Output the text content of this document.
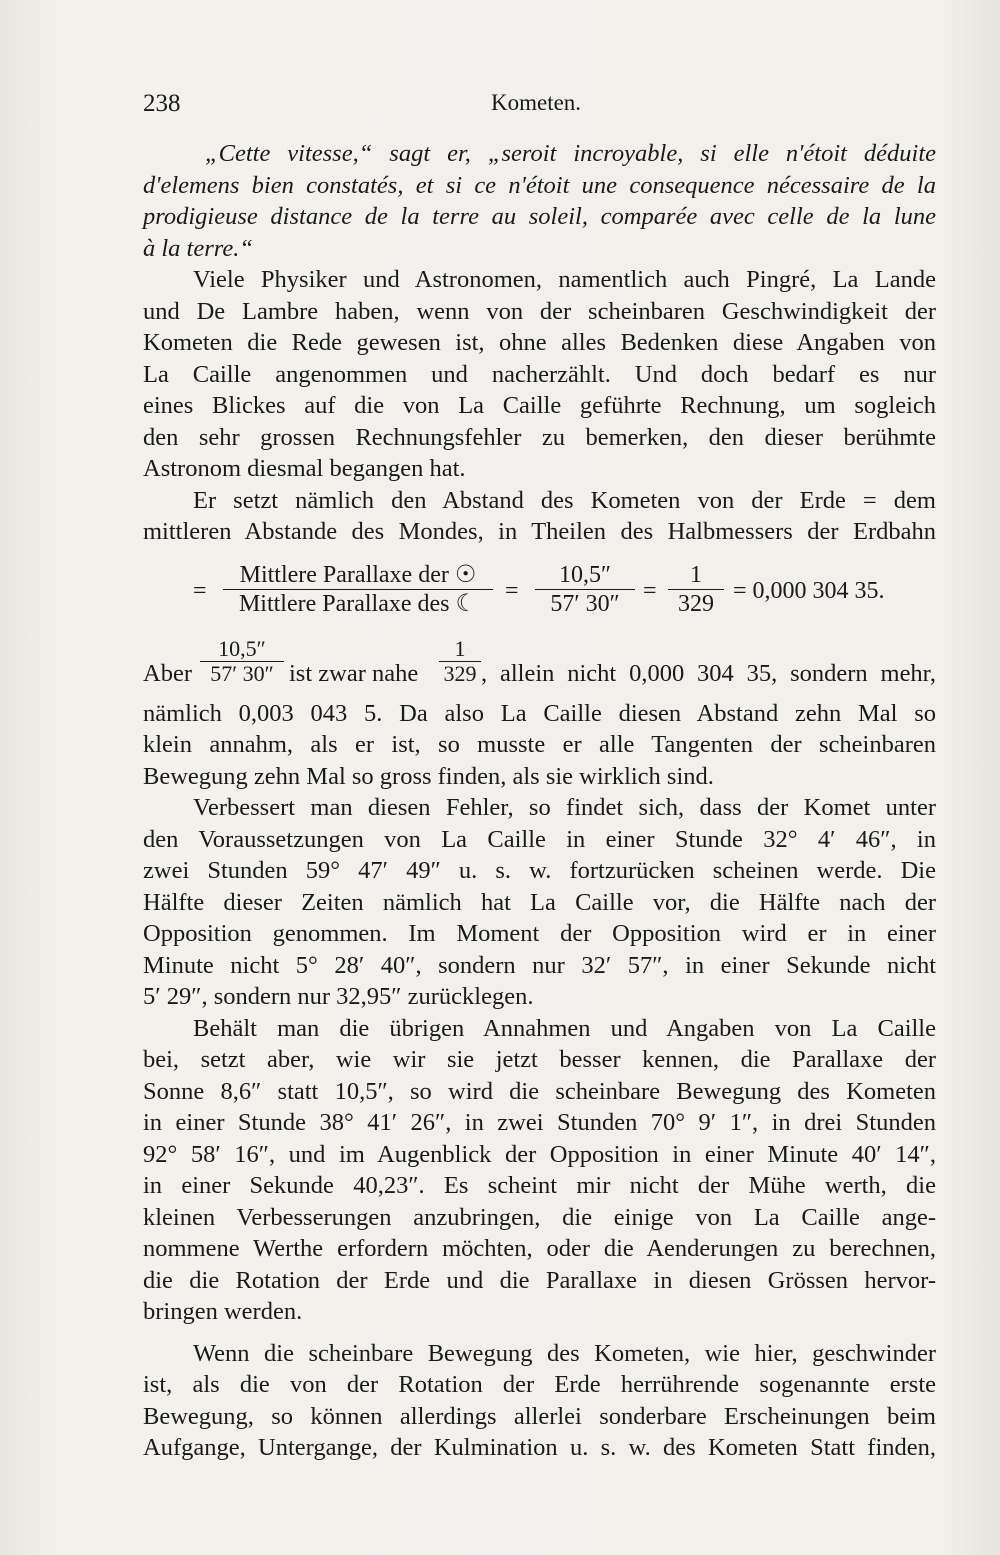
238	Kometen.

„Cette vitesse,“ sagt er, „seroit incroyable, si elle n'étoit déduite
d'elemens bien constatés, et si ce n'étoit une consequence nécessaire de la
prodigieuse distance de la terre au soleil, comparée avec celle de la lune
à la terre.“

Viele Physiker und Astronomen, namentlich auch Pingré, La Lande
und De Lambre haben, wenn von der scheinbaren Geschwindigkeit der
Kometen die Rede gewesen ist, ohne alles Bedenken diese Angaben von
La Caille angenommen und nacherzählt. Und doch bedarf es nur
eines Blickes auf die von La Caille geführte Rechnung, um sogleich
den sehr grossen Rechnungsfehler zu bemerken, den dieser berühmte
Astronom diesmal begangen hat.

Er setzt nämlich den Abstand des Kometen von der Erde = dem
mittleren Abstande des Mondes, in Theilen des Halbmessers der Erdbahn

=
Mittlere Parallaxe der ☉
Mittlere Parallaxe des ☾	=
10,5″
57′ 30″ =
1
329 = 0,000 304 35.
Aber
10,5″
57′ 30″ ist zwar nahe
1
329 , allein nicht 0,000 304 35, sondern mehr,

nämlich 0,003 043 5. Da also La Caille diesen Abstand zehn Mal so
klein annahm, als er ist, so musste er alle Tangenten der scheinbaren
Bewegung zehn Mal so gross finden, als sie wirklich sind.

Verbessert man diesen Fehler, so findet sich, dass der Komet unter
den Voraussetzungen von La Caille in einer Stunde 32° 4′ 46″, in
zwei Stunden 59° 47′ 49″ u. s. w. fortzurücken scheinen werde. Die
Hälfte dieser Zeiten nämlich hat La Caille vor, die Hälfte nach der
Opposition genommen. Im Moment der Opposition wird er in einer
Minute nicht 5° 28′ 40″, sondern nur 32′ 57″, in einer Sekunde nicht
5′ 29″, sondern nur 32,95″ zurücklegen.

Behält man die übrigen Annahmen und Angaben von La Caille
bei, setzt aber, wie wir sie jetzt besser kennen, die Parallaxe der
Sonne 8,6″ statt 10,5″, so wird die scheinbare Bewegung des Kometen
in einer Stunde 38° 41′ 26″, in zwei Stunden 70° 9′ 1″, in drei Stunden
92° 58′ 16″, und im Augenblick der Opposition in einer Minute 40′ 14″,
in einer Sekunde 40,23″. Es scheint mir nicht der Mühe werth, die
kleinen Verbesserungen anzubringen, die einige von La Caille ange-
nommene Werthe erfordern möchten, oder die Aenderungen zu berechnen,
die die Rotation der Erde und die Parallaxe in diesen Grössen hervor-
bringen werden.

Wenn die scheinbare Bewegung des Kometen, wie hier, geschwinder
ist, als die von der Rotation der Erde herrührende sogenannte erste
Bewegung, so können allerdings allerlei sonderbare Erscheinungen beim
Aufgange, Untergange, der Kulmination u. s. w. des Kometen Statt finden,
